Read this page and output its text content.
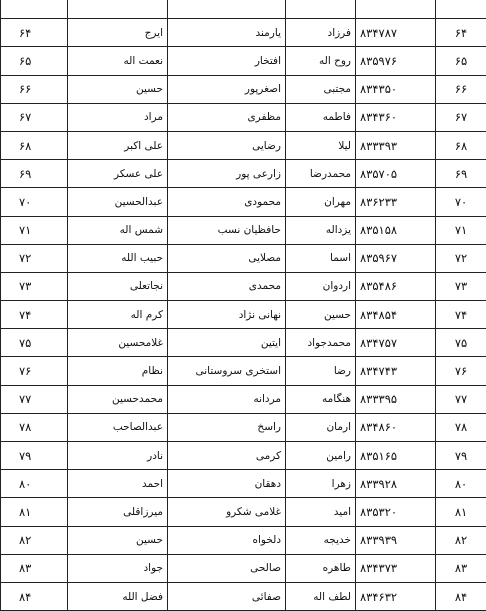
۶۴	۸۳۴۷۸۷	فرزاد	یارمند	ایرج	۶۴
۶۵	۸۳۵۹۷۶	روح اله	افتخار	نعمت اله	۶۵
۶۶	۸۳۴۳۵۰	مجتبی	اصغرپور	حسین	۶۶
۶۷	۸۳۴۳۶۰	فاطمه	مظفری	مراد	۶۷
۶۸	۸۳۳۳۹۳	لیلا	رضایی	علی اکبر	۶۸
۶۹	۸۳۵۷۰۵	محمدرضا	زارعی پور	علی عسکر	۶۹
۷۰	۸۳۶۲۳۳	مهران	محمودی	عبدالحسین	۷۰
۷۱	۸۳۵۱۵۸	یزداله	حافظیان نسب	شمس اله	۷۱
۷۲	۸۳۵۹۶۷	اسما	مصلایی	حبیب الله	۷۲
۷۳	۸۳۵۴۸۶	اردوان	محمدی	نجاتعلی	۷۳
۷۴	۸۳۴۸۵۴	حسین	نهانی نژاد	کرم اله	۷۴
۷۵	۸۳۴۷۵۷	محمدجواد	ایتین	غلامحسین	۷۵
۷۶	۸۳۴۷۴۳	رضا	استخری سروستانی	نظام	۷۶
۷۷	۸۳۳۳۹۵	هنگامه	مردانه	محمدحسین	۷۷
۷۸	۸۳۴۸۶۰	ارمان	راسخ	عبدالصاحب	۷۸
۷۹	۸۳۵۱۶۵	رامین	کرمی	نادر	۷۹
۸۰	۸۳۳۹۲۸	زهرا	دهقان	احمد	۸۰
۸۱	۸۳۵۳۲۰	امید	غلامی شکرو	میرزاقلی	۸۱
۸۲	۸۳۳۹۳۹	خدیجه	دلخواه	حسین	۸۲
۸۳	۸۳۴۳۷۳	طاهره	صالحی	جواد	۸۳
۸۴	۸۳۴۶۳۲	لطف اله	صفائی	فضل الله	۸۴
